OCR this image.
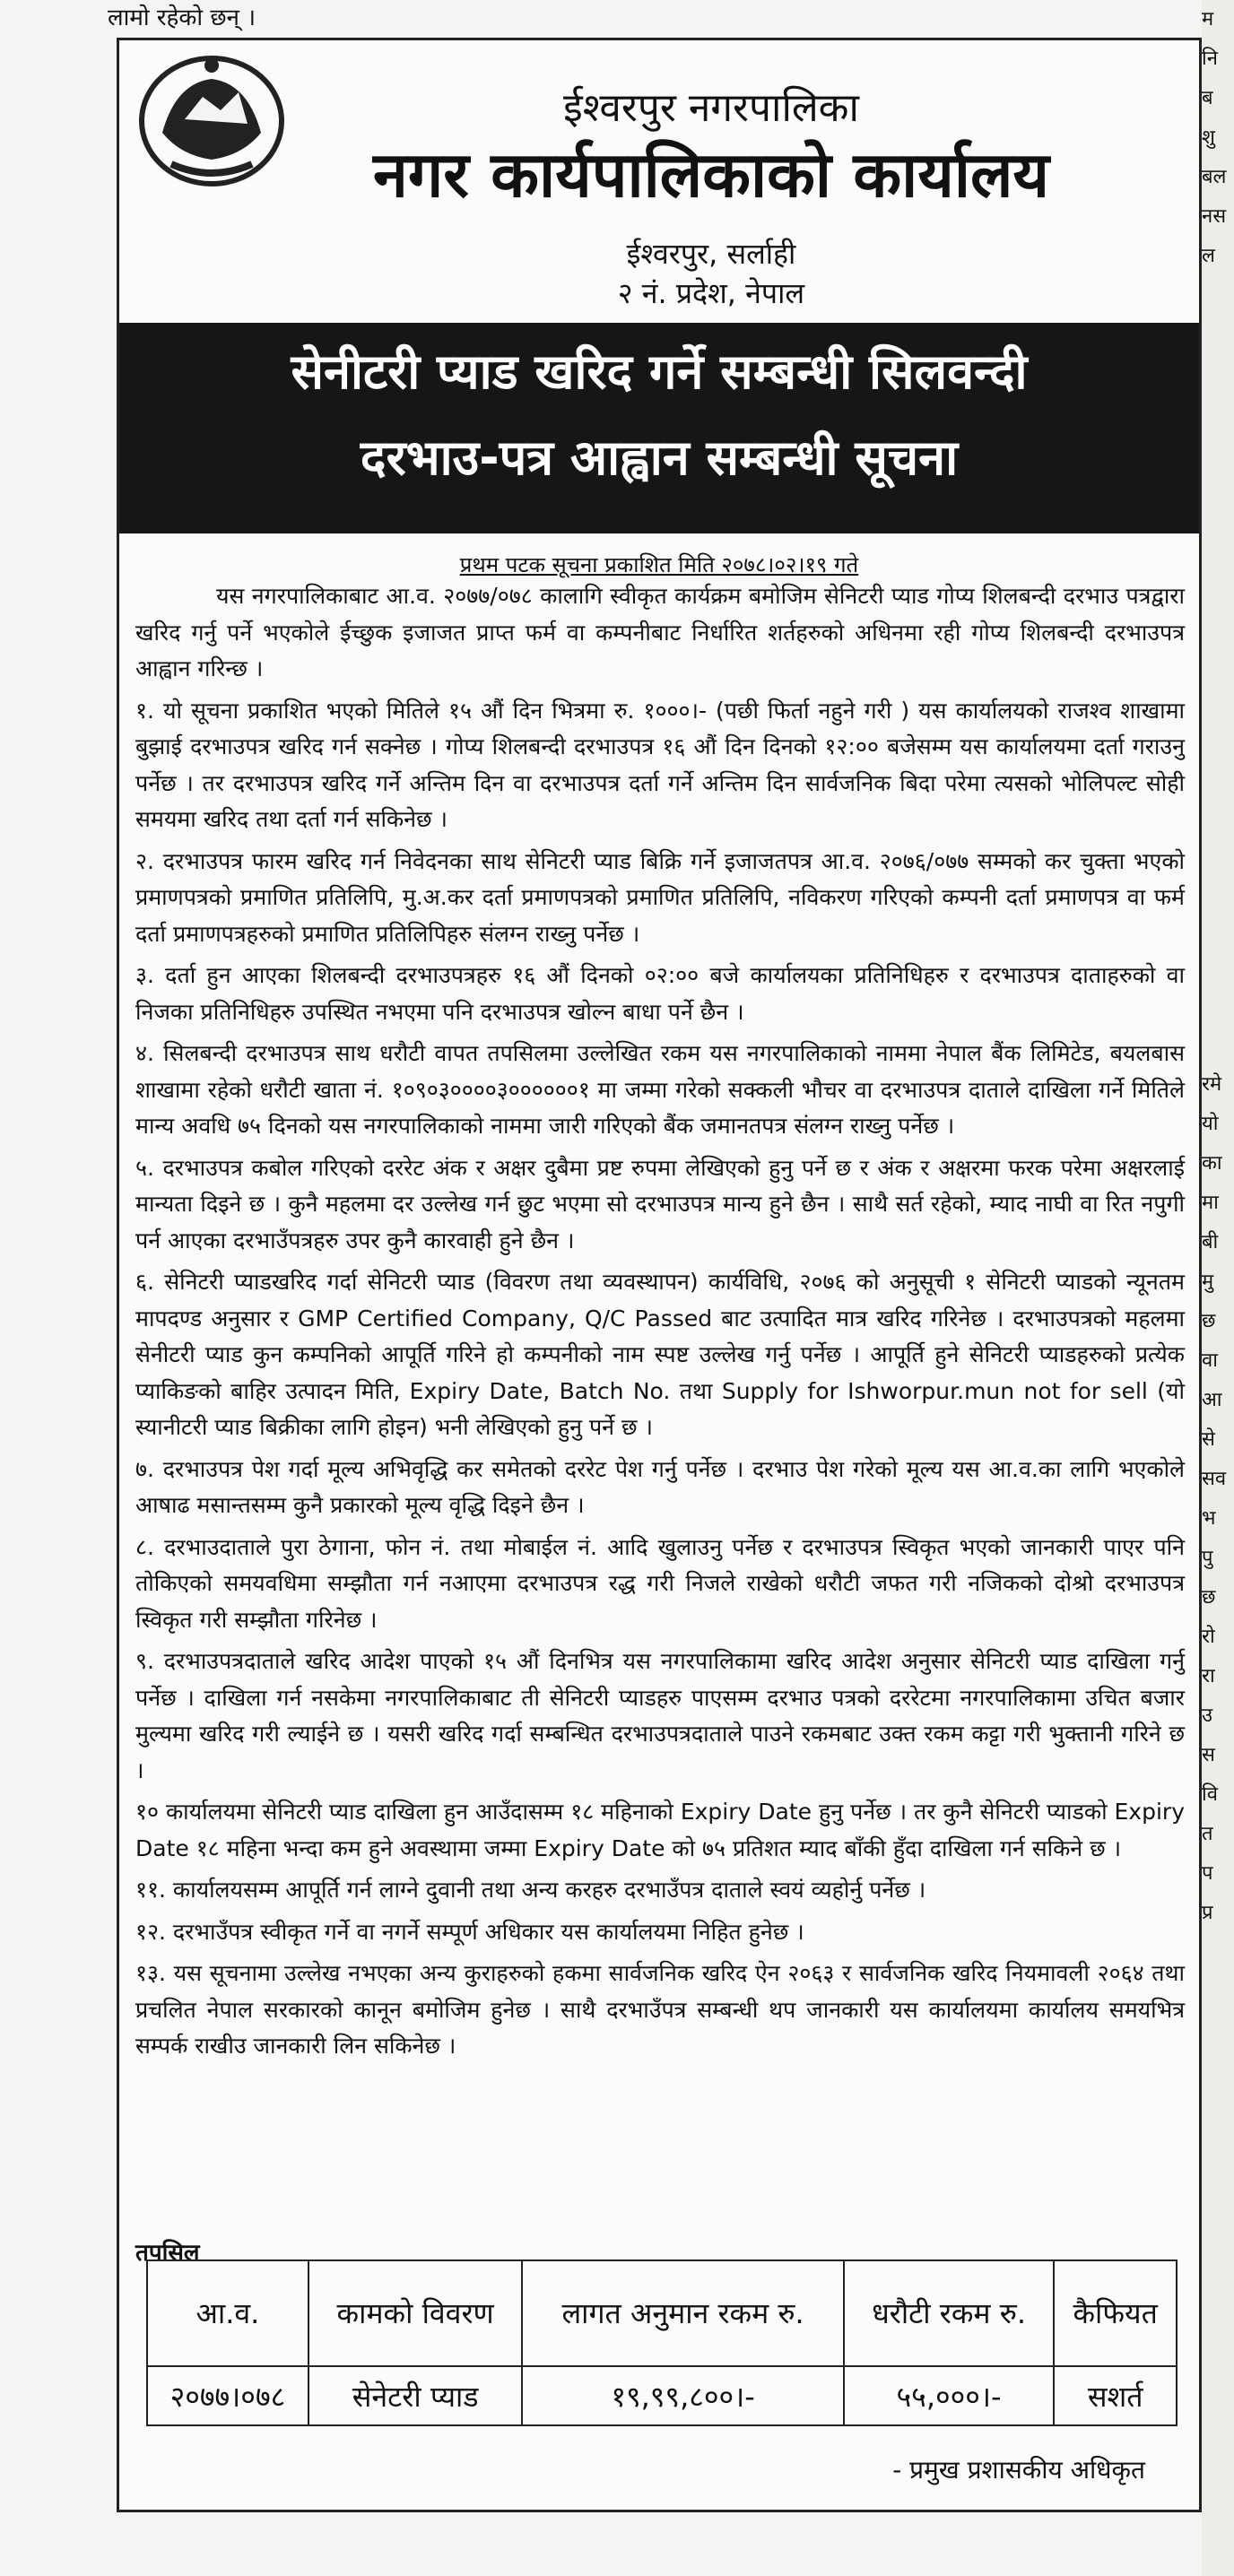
लामो रहेको छन् ।	म
नि
ब
शु
बल
नस
ल
रमे
यो
का
मा
बी
मु
छ
वा
आ
से
सव
भ
पु
छ
रो
रा
उ
स
वि
त
प
प्र
ईश्वरपुर नगरपालिका
नगर कार्यपालिकाको कार्यालय
ईश्वरपुर, सर्लाही
२ नं. प्रदेश, नेपाल
सेनीटरी प्याड खरिद गर्ने सम्बन्धी सिलवन्दी
दरभाउ-पत्र आह्वान सम्बन्धी सूचना
प्रथम पटक सूचना प्रकाशित मिति २०७८।०२।१९ गते

यस नगरपालिकाबाट आ.व. २०७७/०७८ कालागि स्वीकृत कार्यक्रम बमोजिम सेनिटरी प्याड गोप्य शिलबन्दी दरभाउ पत्रद्वारा खरिद गर्नु पर्ने भएकोले ईच्छुक इजाजत प्राप्त फर्म वा कम्पनीबाट निर्धारित शर्तहरुको अधिनमा रही गोप्य शिलबन्दी दरभाउपत्र आह्वान गरिन्छ ।

१. यो सूचना प्रकाशित भएको मितिले १५ औं दिन भित्रमा रु. १०००।- (पछी फिर्ता नहुने गरी ) यस कार्यालयको राजश्व शाखामा बुझाई दरभाउपत्र खरिद गर्न सक्नेछ । गोप्य शिलबन्दी दरभाउपत्र १६ औं दिन दिनको १२:०० बजेसम्म यस कार्यालयमा दर्ता गराउनु पर्नेछ । तर दरभाउपत्र खरिद गर्ने अन्तिम दिन वा दरभाउपत्र दर्ता गर्ने अन्तिम दिन सार्वजनिक बिदा परेमा त्यसको भोलिपल्ट सोही समयमा खरिद तथा दर्ता गर्न सकिनेछ ।

२. दरभाउपत्र फारम खरिद गर्न निवेदनका साथ सेनिटरी प्याड बिक्रि गर्ने इजाजतपत्र आ.व. २०७६/०७७ सम्मको कर चुक्ता भएको प्रमाणपत्रको प्रमाणित प्रतिलिपि, मु.अ.कर दर्ता प्रमाणपत्रको प्रमाणित प्रतिलिपि, नविकरण गरिएको कम्पनी दर्ता प्रमाणपत्र वा फर्म दर्ता प्रमाणपत्रहरुको प्रमाणित प्रतिलिपिहरु संलग्न राख्नु पर्नेछ ।

३. दर्ता हुन आएका शिलबन्दी दरभाउपत्रहरु १६ औं दिनको ०२:०० बजे कार्यालयका प्रतिनिधिहरु र दरभाउपत्र दाताहरुको वा निजका प्रतिनिधिहरु उपस्थित नभएमा पनि दरभाउपत्र खोल्न बाधा पर्ने छैन ।

४. सिलबन्दी दरभाउपत्र साथ धरौटी वापत तपसिलमा उल्लेखित रकम यस नगरपालिकाको नाममा नेपाल बैंक लिमिटेड, बयलबास शाखामा रहेको धरौटी खाता नं. १०९०३००००३००००००१ मा जम्मा गरेको सक्कली भौचर वा दरभाउपत्र दाताले दाखिला गर्ने मितिले मान्य अवधि ७५ दिनको यस नगरपालिकाको नाममा जारी गरिएको बैंक जमानतपत्र संलग्न राख्नु पर्नेछ ।

५. दरभाउपत्र कबोल गरिएको दररेट अंक र अक्षर दुबैमा प्रष्ट रुपमा लेखिएको हुनु पर्ने छ र अंक र अक्षरमा फरक परेमा अक्षरलाई मान्यता दिइने छ । कुनै महलमा दर उल्लेख गर्न छुट भएमा सो दरभाउपत्र मान्य हुने छैन । साथै सर्त रहेको, म्याद नाघी वा रित नपुगी पर्न आएका दरभाउँपत्रहरु उपर कुनै कारवाही हुने छैन ।

६. सेनिटरी प्याडखरिद गर्दा सेनिटरी प्याड (विवरण तथा व्यवस्थापन) कार्यविधि, २०७६ को अनुसूची १ सेनिटरी प्याडको न्यूनतम मापदण्ड अनुसार र GMP Certified Company, Q/C Passed बाट उत्पादित मात्र खरिद गरिनेछ । दरभाउपत्रको महलमा सेनीटरी प्याड कुन कम्पनिको आपूर्ति गरिने हो कम्पनीको नाम स्पष्ट उल्लेख गर्नु पर्नेछ । आपूर्ति हुने सेनिटरी प्याडहरुको प्रत्येक प्याकिङको बाहिर उत्पादन मिति, Expiry Date, Batch No. तथा Supply for Ishworpur.mun not for sell (यो स्यानीटरी प्याड बिक्रीका लागि होइन) भनी लेखिएको हुनु पर्ने छ ।

७. दरभाउपत्र पेश गर्दा मूल्य अभिवृद्धि कर समेतको दररेट पेश गर्नु पर्नेछ । दरभाउ पेश गरेको मूल्य यस आ.व.का लागि भएकोले आषाढ मसान्तसम्म कुनै प्रकारको मूल्य वृद्धि दिइने छैन ।

८. दरभाउदाताले पुरा ठेगाना, फोन नं. तथा मोबाईल नं. आदि खुलाउनु पर्नेछ र दरभाउपत्र स्विकृत भएको जानकारी पाएर पनि तोकिएको समयवधिमा सम्झौता गर्न नआएमा दरभाउपत्र रद्ध गरी निजले राखेको धरौटी जफत गरी नजिकको दोश्रो दरभाउपत्र स्विकृत गरी सम्झौता गरिनेछ ।

९. दरभाउपत्रदाताले खरिद आदेश पाएको १५ औं दिनभित्र यस नगरपालिकामा खरिद आदेश अनुसार सेनिटरी प्याड दाखिला गर्नु पर्नेछ । दाखिला गर्न नसकेमा नगरपालिकाबाट ती सेनिटरी प्याडहरु पाएसम्म दरभाउ पत्रको दररेटमा नगरपालिकामा उचित बजार मुल्यमा खरिद गरी ल्याईने छ । यसरी खरिद गर्दा सम्बन्धित दरभाउपत्रदाताले पाउने रकमबाट उक्त रकम कट्टा गरी भुक्तानी गरिने छ ।

१० कार्यालयमा सेनिटरी प्याड दाखिला हुन आउँदासम्म १८ महिनाको Expiry Date हुनु पर्नेछ । तर कुनै सेनिटरी प्याडको Expiry Date १८ महिना भन्दा कम हुने अवस्थामा जम्मा Expiry Date को ७५ प्रतिशत म्याद बाँकी हुँदा दाखिला गर्न सकिने छ ।

११. कार्यालयसम्म आपूर्ति गर्न लाग्ने दुवानी तथा अन्य करहरु दरभाउँपत्र दाताले स्वयं व्यहोर्नु पर्नेछ ।

१२. दरभाउँपत्र स्वीकृत गर्ने वा नगर्ने सम्पूर्ण अधिकार यस कार्यालयमा निहित हुनेछ ।

१३. यस सूचनामा उल्लेख नभएका अन्य कुराहरुको हकमा सार्वजनिक खरिद ऐन २०६३ र सार्वजनिक खरिद नियमावली २०६४ तथा प्रचलित नेपाल सरकारको कानून बमोजिम हुनेछ । साथै दरभाउँपत्र सम्बन्धी थप जानकारी यस कार्यालयमा कार्यालय समयभित्र सम्पर्क राखीउ जानकारी लिन सकिनेछ ।

तपसिल
आ.व.	कामको विवरण	लागत अनुमान रकम रु.	धरौटी रकम रु.	कैफियत
२०७७।०७८	सेनेटरी प्याड	१९,९९,८००।-	५५,०००।-	सशर्त
- प्रमुख प्रशासकीय अधिकृत
